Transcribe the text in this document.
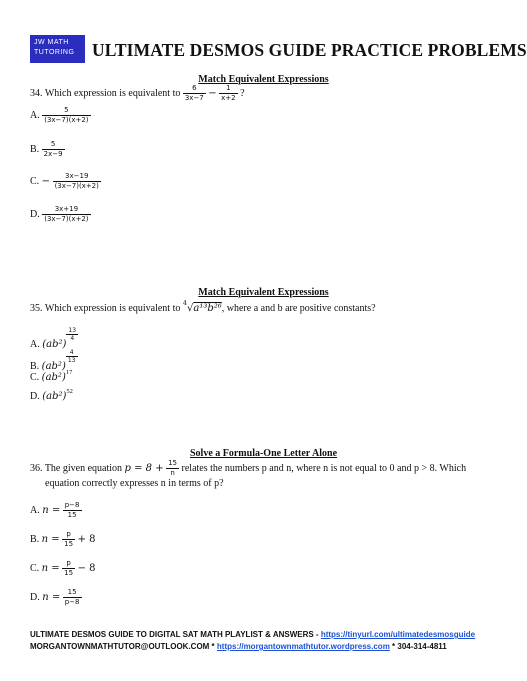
JW MATH
TUTORING	ULTIMATE DESMOS GUIDE PRACTICE PROBLEMS
Match Equivalent Expressions
34. Which expression is equivalent to $\frac{6}{3x-7} - \frac{1}{x+2}$ ?
A. $\frac{5}{(3x-7)(x+2)}$
B. $\frac{5}{2x-9}$
C. − $\frac{3x-19}{(3x-7)(x+2)}$
D. $\frac{3x+19}{(3x-7)(x+2)}$
Match Equivalent Expressions
35. Which expression is equivalent to $^4$√a¹³b²⁶, where a and b are positive constants?
A. (ab²)
$\frac{13}{4}$
B. (ab²)
$\frac{4}{13}$
C. $(ab^2)^{17}$
D. $(ab^2)^{52}$
Solve a Formula-One Letter Alone
36. The given equation $p = 8 + \frac{15}{n}$ relates the numbers p and n, where n is not equal to 0 and p > 8. Which
equation correctly expresses n in terms of p?
A. $n = \frac{p-8}{15}$
B. $n = \frac{p}{15} + 8$
C. $n = \frac{p}{15} - 8$
D. $n = \frac{15}{p-8}$
ULTIMATE DESMOS GUIDE TO DIGITAL SAT MATH PLAYLIST & ANSWERS - https://tinyurl.com/ultimatedesmosguide
MORGANTOWNMATHTUTOR@OUTLOOK.COM * https://morgantownmathtutor.wordpress.com * 304-314-4811
